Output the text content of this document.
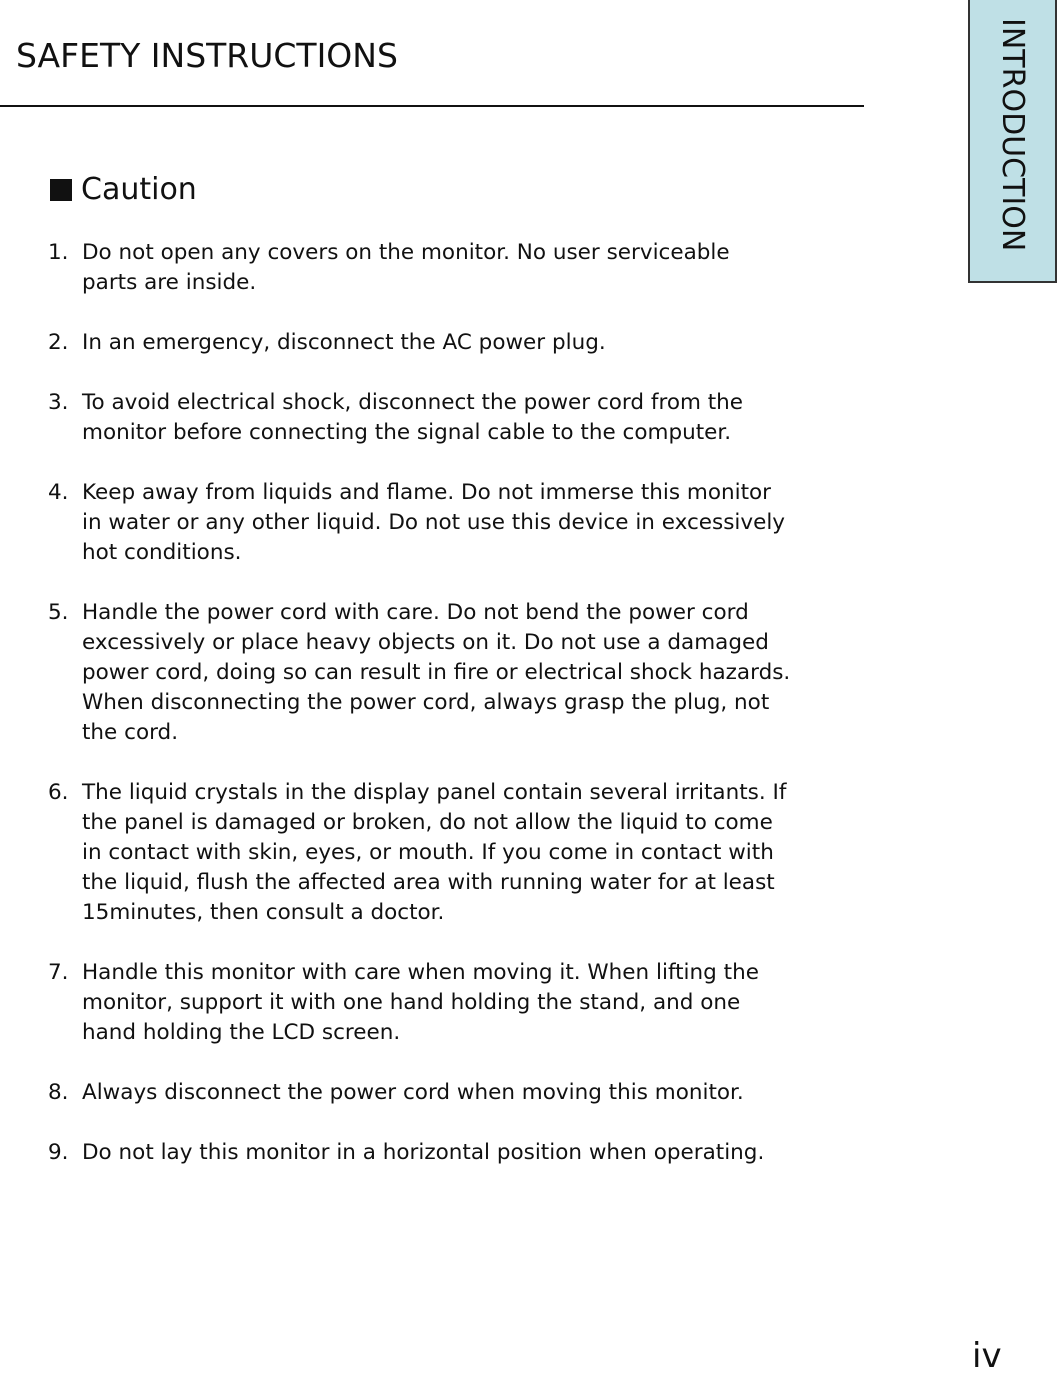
SAFETY INSTRUCTIONS	INTRODUCTION
Caution
1. Do not open any covers on the monitor. No user serviceable
parts are inside.
2. In an emergency, disconnect the AC power plug.
3. To avoid electrical shock, disconnect the power cord from the
monitor before connecting the signal cable to the computer.
4. Keep away from liquids and flame. Do not immerse this monitor
in water or any other liquid. Do not use this device in excessively
hot conditions.
5. Handle the power cord with care. Do not bend the power cord
excessively or place heavy objects on it. Do not use a damaged
power cord, doing so can result in fire or electrical shock hazards.
When disconnecting the power cord, always grasp the plug, not
the cord.
6. The liquid crystals in the display panel contain several irritants. If
the panel is damaged or broken, do not allow the liquid to come
in contact with skin, eyes, or mouth. If you come in contact with
the liquid, flush the affected area with running water for at least
15minutes, then consult a doctor.
7. Handle this monitor with care when moving it. When lifting the
monitor, support it with one hand holding the stand, and one
hand holding the LCD screen.
8. Always disconnect the power cord when moving this monitor.
9. Do not lay this monitor in a horizontal position when operating.
iv
